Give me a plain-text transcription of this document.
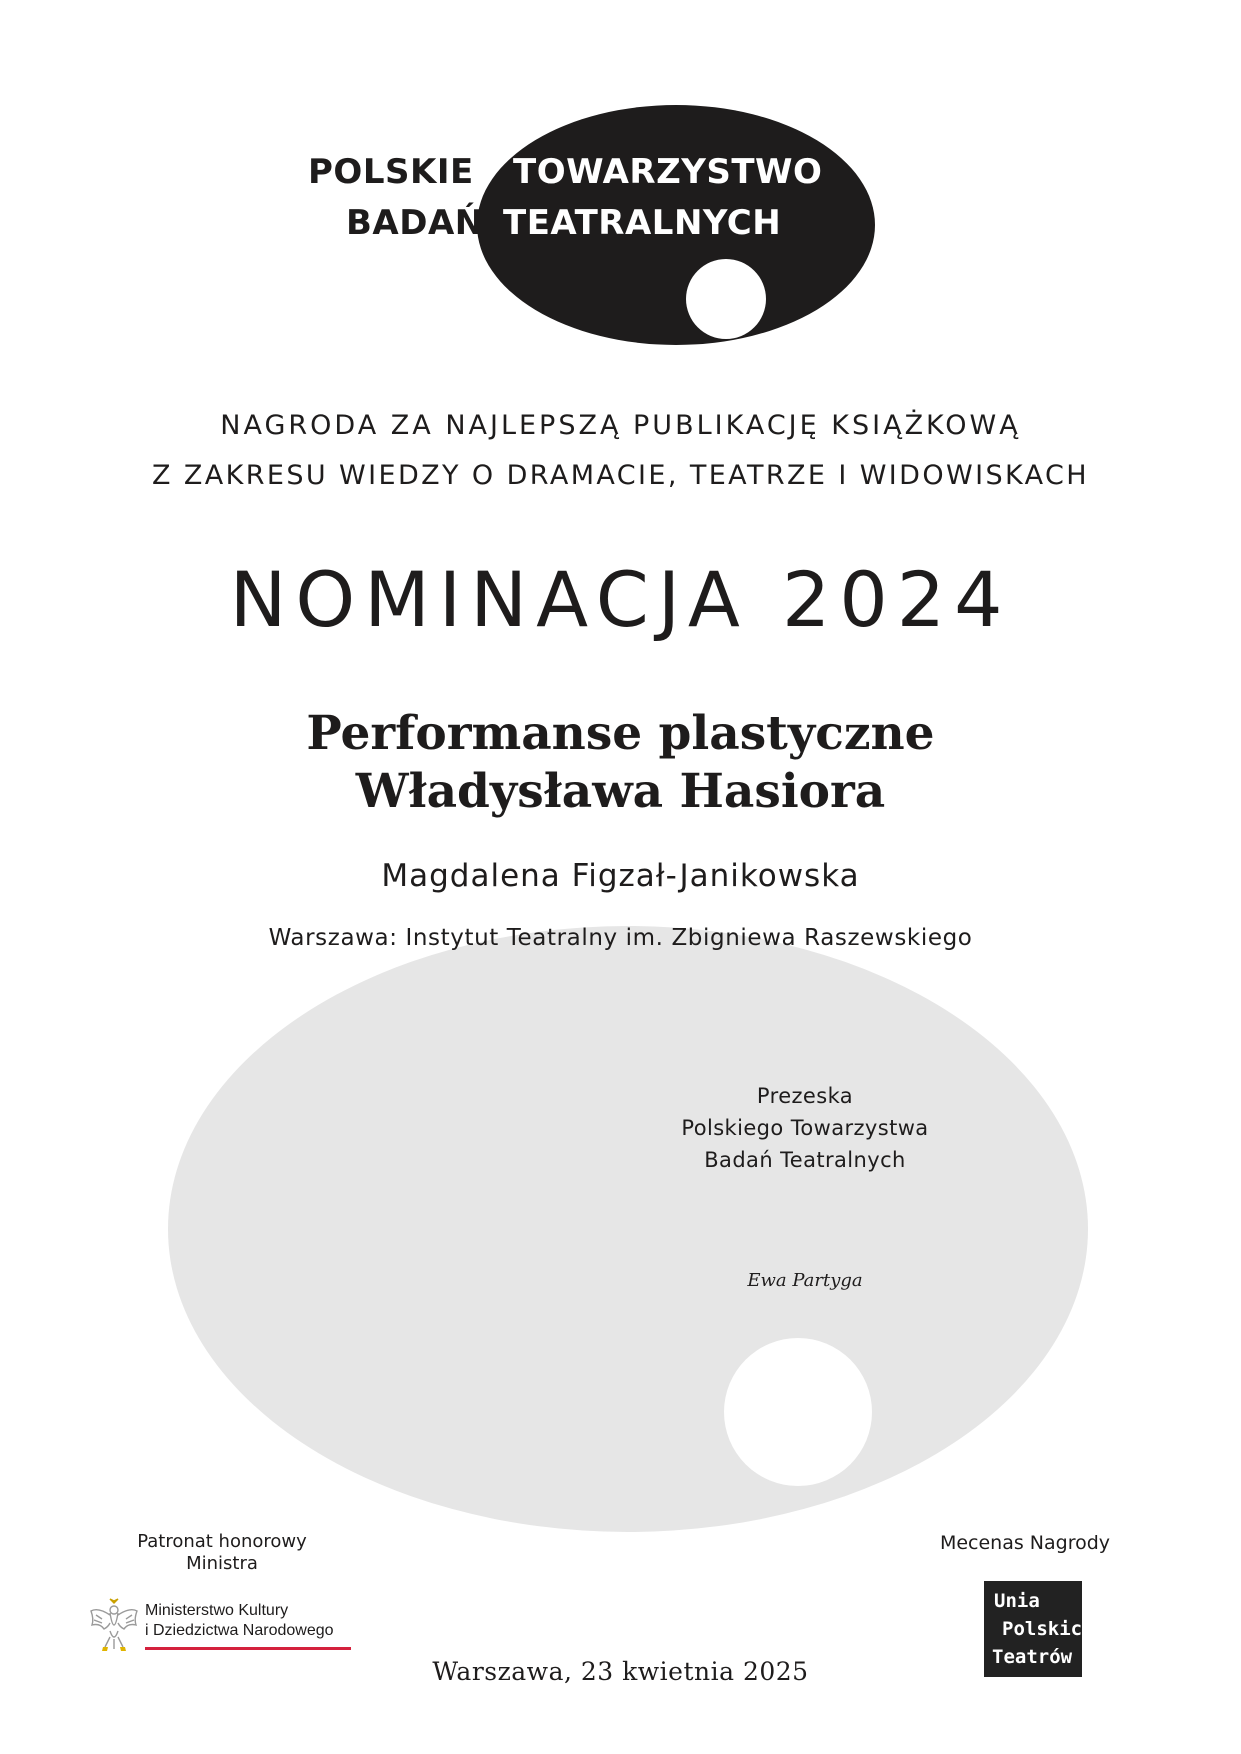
POLSKIE TOWARZYSTWO

BADAŃ TEATRALNYCH

NAGRODA ZA NAJLEPSZĄ PUBLIKACJĘ KSIĄŻKOWĄ

Z ZAKRESU WIEDZY O DRAMACIE, TEATRZE I WIDOWISKACH

NOMINACJA 2024
Performanse plastyczne
Władysława Hasiora

Magdalena Figzał-Janikowska

Warszawa: Instytut Teatralny im. Zbigniewa Raszewskiego

Prezeska
Polskiego Towarzystwa
Badań Teatralnych
Ewa Partyga
Patronat honorowy
Ministra
Ministerstwo Kultury
i Dziedzictwa Narodowego
Mecenas Nagrody
Unia
Polskich
Teatrów

Warszawa, 23 kwietnia 2025
